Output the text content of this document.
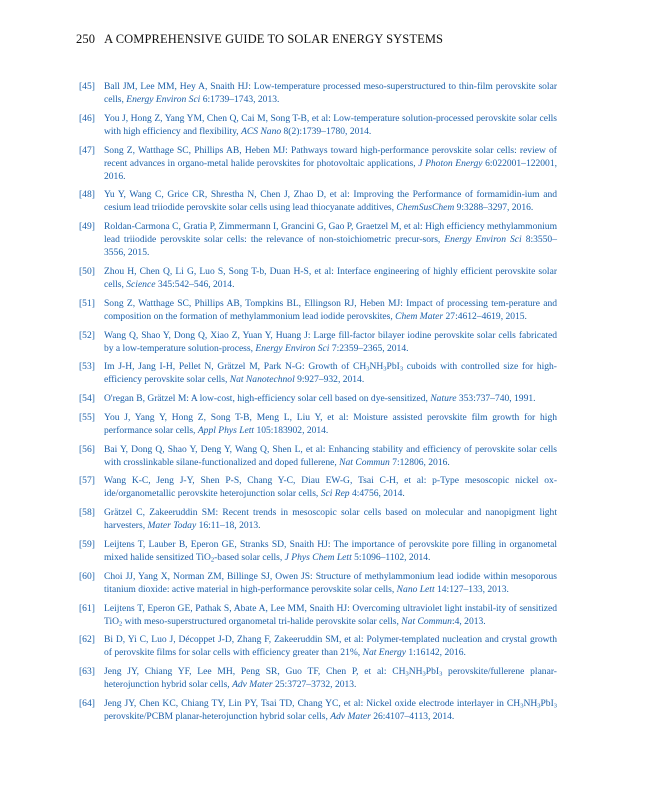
250 A COMPREHENSIVE GUIDE TO SOLAR ENERGY SYSTEMS
[45] Ball JM, Lee MM, Hey A, Snaith HJ: Low-temperature processed meso-superstructured to thin-film perovskite solar cells, Energy Environ Sci 6:1739–1743, 2013.
[46] You J, Hong Z, Yang YM, Chen Q, Cai M, Song T-B, et al: Low-temperature solution-processed perovskite solar cells with high efficiency and flexibility, ACS Nano 8(2):1739–1780, 2014.
[47] Song Z, Watthage SC, Phillips AB, Heben MJ: Pathways toward high-performance perovskite solar cells: review of recent advances in organo-metal halide perovskites for photovoltaic applications, J Photon Energy 6:022001–122001, 2016.
[48] Yu Y, Wang C, Grice CR, Shrestha N, Chen J, Zhao D, et al: Improving the Performance of formamidin-ium and cesium lead triiodide perovskite solar cells using lead thiocyanate additives, ChemSusChem 9:3288–3297, 2016.
[49] Roldan-Carmona C, Gratia P, Zimmermann I, Grancini G, Gao P, Graetzel M, et al: High efficiency methylammonium lead triiodide perovskite solar cells: the relevance of non-stoichiometric precur-sors, Energy Environ Sci 8:3550–3556, 2015.
[50] Zhou H, Chen Q, Li G, Luo S, Song T-b, Duan H-S, et al: Interface engineering of highly efficient perovskite solar cells, Science 345:542–546, 2014.
[51] Song Z, Watthage SC, Phillips AB, Tompkins BL, Ellingson RJ, Heben MJ: Impact of processing tem-perature and composition on the formation of methylammonium lead iodide perovskites, Chem Mater 27:4612–4619, 2015.
[52] Wang Q, Shao Y, Dong Q, Xiao Z, Yuan Y, Huang J: Large fill-factor bilayer iodine perovskite solar cells fabricated by a low-temperature solution-process, Energy Environ Sci 7:2359–2365, 2014.
[53] Im J-H, Jang I-H, Pellet N, Grätzel M, Park N-G: Growth of $CH_3NH_3PbI_3$ cuboids with controlled size for high-efficiency perovskite solar cells, Nat Nanotechnol 9:927–932, 2014.
[54] O'regan B, Grätzel M: A low-cost, high-efficiency solar cell based on dye-sensitized, Nature 353:737–740, 1991.
[55] You J, Yang Y, Hong Z, Song T-B, Meng L, Liu Y, et al: Moisture assisted perovskite film growth for high performance solar cells, Appl Phys Lett 105:183902, 2014.
[56] Bai Y, Dong Q, Shao Y, Deng Y, Wang Q, Shen L, et al: Enhancing stability and efficiency of perovskite solar cells with crosslinkable silane-functionalized and doped fullerene, Nat Commun 7:12806, 2016.
[57] Wang K-C, Jeng J-Y, Shen P-S, Chang Y-C, Diau EW-G, Tsai C-H, et al: p-Type mesoscopic nickel ox-ide/organometallic perovskite heterojunction solar cells, Sci Rep 4:4756, 2014.
[58] Grätzel C, Zakeeruddin SM: Recent trends in mesoscopic solar cells based on molecular and nanopigment light harvesters, Mater Today 16:11–18, 2013.
[59] Leijtens T, Lauber B, Eperon GE, Stranks SD, Snaith HJ: The importance of perovskite pore filling in organometal mixed halide sensitized TiO$_2$-based solar cells, J Phys Chem Lett 5:1096–1102, 2014.
[60] Choi JJ, Yang X, Norman ZM, Billinge SJ, Owen JS: Structure of methylammonium lead iodide within mesoporous titanium dioxide: active material in high-performance perovskite solar cells, Nano Lett 14:127–133, 2013.
[61] Leijtens T, Eperon GE, Pathak S, Abate A, Lee MM, Snaith HJ: Overcoming ultraviolet light instabil-ity of sensitized TiO$_2$ with meso-superstructured organometal tri-halide perovskite solar cells, Nat Commun:4, 2013.
[62] Bi D, Yi C, Luo J, Décoppet J-D, Zhang F, Zakeeruddin SM, et al: Polymer-templated nucleation and crystal growth of perovskite films for solar cells with efficiency greater than 21%, Nat Energy 1:16142, 2016.
[63] Jeng JY, Chiang YF, Lee MH, Peng SR, Guo TF, Chen P, et al: $CH_3NH_3PbI_3$ perovskite/fullerene planar-heterojunction hybrid solar cells, Adv Mater 25:3727–3732, 2013.
[64] Jeng JY, Chen KC, Chiang TY, Lin PY, Tsai TD, Chang YC, et al: Nickel oxide electrode interlayer in $CH_3NH_3PbI_3$ perovskite/PCBM planar-heterojunction hybrid solar cells, Adv Mater 26:4107–4113, 2014.
